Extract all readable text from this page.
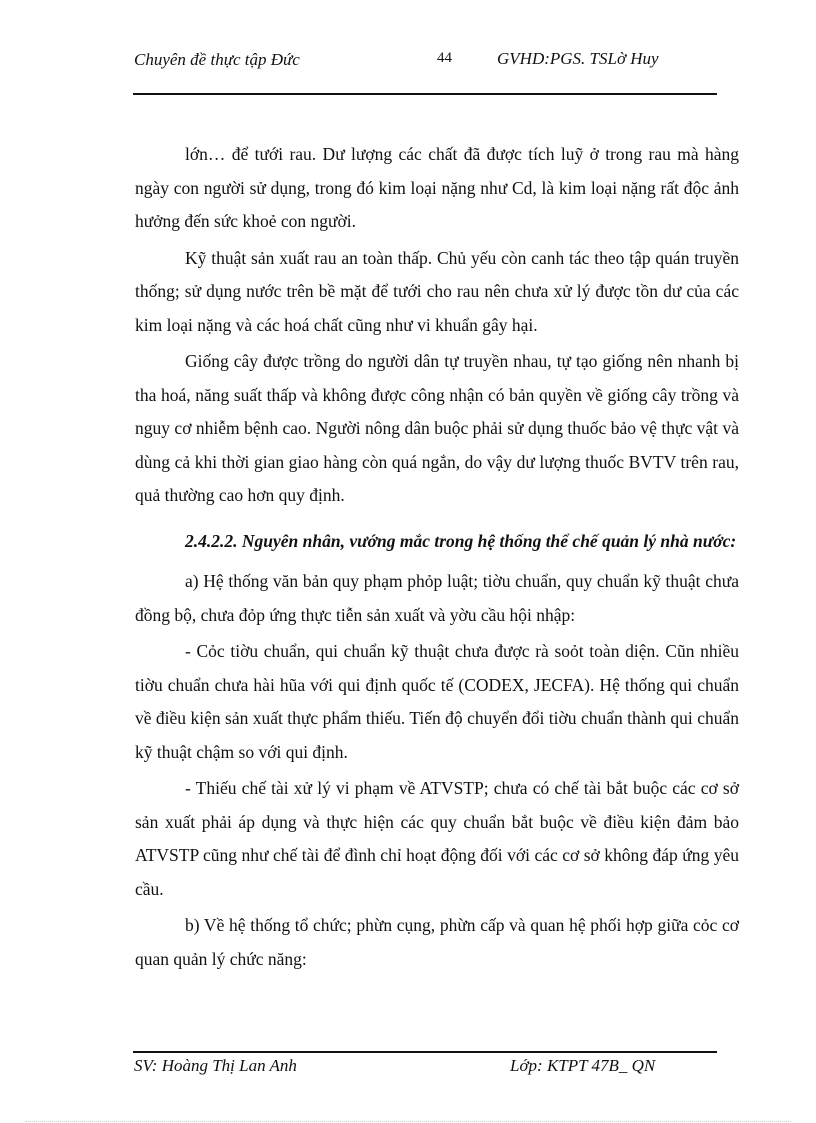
Chuyên đề thực tập Đức	44	GVHD:PGS. TSLờ Huy

lớn… để tưới rau. Dư lượng các chất đã được tích luỹ ở trong rau mà hàng ngày con người sử dụng, trong đó kim loại nặng như Cd, là kim loại nặng rất độc ảnh hưởng đến sức khoẻ con người.

Kỹ thuật sản xuất rau an toàn thấp. Chủ yếu còn canh tác theo tập quán truyền thống; sử dụng nước trên bề mặt để tưới cho rau nên chưa xử lý được tồn dư của các kim loại nặng và các hoá chất cũng như vi khuẩn gây hại.

Giống cây được trồng do người dân tự truyền nhau, tự tạo giống nên nhanh bị tha hoá, năng suất thấp và không được công nhận có bản quyền về giống cây trồng và nguy cơ nhiễm bệnh cao. Người nông dân buộc phải sử dụng thuốc bảo vệ thực vật và dùng cả khi thời gian giao hàng còn quá ngắn, do vậy dư lượng thuốc BVTV trên rau, quả thường cao hơn quy định.

2.4.2.2. Nguyên nhân, vướng mắc trong hệ thống thể chế quản lý nhà nước:

a) Hệ thống văn bản quy phạm phỏp luật; tiờu chuẩn, quy chuẩn kỹ thuật chưa đồng bộ, chưa đỏp ứng thực tiễn sản xuất và yờu cầu hội nhập:

- Cỏc tiờu chuẩn, qui chuẩn kỹ thuật chưa được rà soỏt toàn diện. Cũn nhiều tiờu chuẩn chưa hài hũa với qui định quốc tế (CODEX, JECFA). Hệ thống qui chuẩn về điều kiện sản xuất thực phẩm thiếu. Tiến độ chuyển đổi tiờu chuẩn thành qui chuẩn kỹ thuật chậm so với qui định.

- Thiếu chế tài xử lý vi phạm về ATVSTP; chưa có chế tài bắt buộc các cơ sở sản xuất phải áp dụng và thực hiện các quy chuẩn bắt buộc về điều kiện đảm bảo ATVSTP cũng như chế tài để đình chỉ hoạt động đối với các cơ sở không đáp ứng yêu cầu.

b) Về hệ thống tổ chức; phừn cụng, phừn cấp và quan hệ phối hợp giữa cỏc cơ quan quản lý chức năng:

SV: Hoàng Thị Lan Anh	Lớp: KTPT 47B_ QN
